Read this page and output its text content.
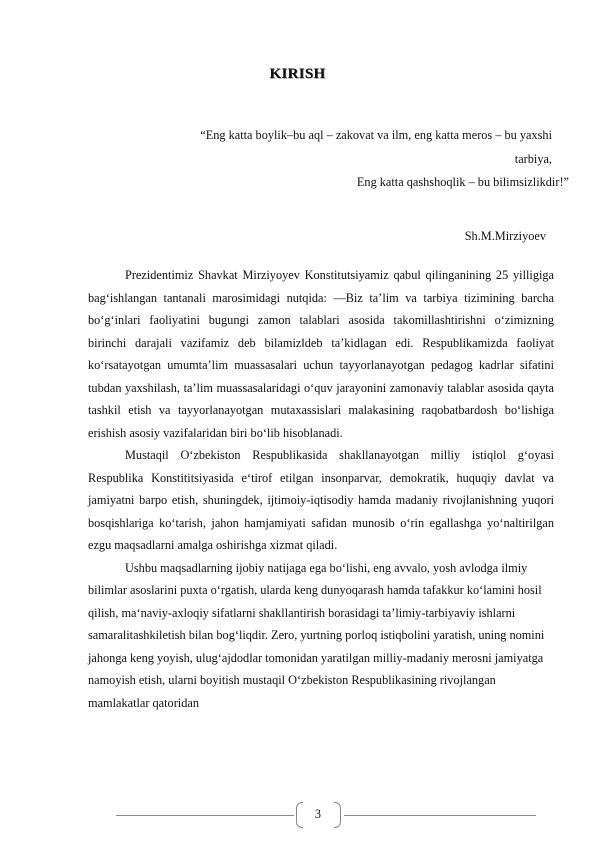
KIRISH
“Eng katta boylik–bu aql – zakovat va ilm, eng katta meros – bu yaxshi
tarbiya,
Eng katta qashshoqlik – bu bilimsizlikdir!”
Sh.M.Mirziyoev

Prezidentimiz Shavkat Mirziyoyev Konstitutsiyamiz qabul qilinganining 25 yilligiga bag‘ishlangan tantanali marosimidagi nutqida: ―Biz ta’lim va tarbiya tizimining barcha bo‘g‘inlari faoliyatini bugungi zamon talablari asosida takomillashtirishni o‘zimizning birinchi darajali vazifamiz deb bilamiz‖deb ta’kidlagan edi. Respublikamizda faoliyat ko‘rsatayotgan umumta’lim muassasalari uchun tayyorlanayotgan pedagog kadrlar sifatini tubdan yaxshilash, ta’lim muassasalaridagi o‘quv jarayonini zamonaviy talablar asosida qayta tashkil etish va tayyorlanayotgan mutaxassislari malakasining raqobatbardosh bo‘lishiga erishish asosiy vazifalaridan biri bo‘lib hisoblanadi.

Mustaqil O‘zbekiston Respublikasida shakllanayotgan milliy istiqlol g‘oyasi Respublika Konstititsiyasida e‘tirof etilgan insonparvar, demokratik, huquqiy davlat va jamiyatni barpo etish, shuningdek, ijtimoiy-iqtisodiy hamda madaniy rivojlanishning yuqori bosqishlariga ko‘tarish, jahon hamjamiyati safidan munosib o‘rin egallashga yo‘naltirilgan ezgu maqsadlarni amalga oshirishga xizmat qiladi.

Ushbu maqsadlarning ijobiy natijaga ega bo‘lishi, eng avvalo, yosh avlodga ilmiy bilimlar asoslarini puxta o‘rgatish, ularda keng dunyoqarash hamda tafakkur ko‘lamini hosil qilish, ma‘naviy-axloqiy sifatlarni shakllantirish borasidagi ta’limiy-tarbiyaviy ishlarni samaralitashkiletish bilan bog‘liqdir. Zero, yurtning porloq istiqbolini yaratish, uning nomini jahonga keng yoyish, ulug‘ajdodlar tomonidan yaratilgan milliy-madaniy merosni jamiyatga namoyish etish, ularni boyitish mustaqil O‘zbekiston Respublikasining rivojlangan mamlakatlar qatoridan

3
